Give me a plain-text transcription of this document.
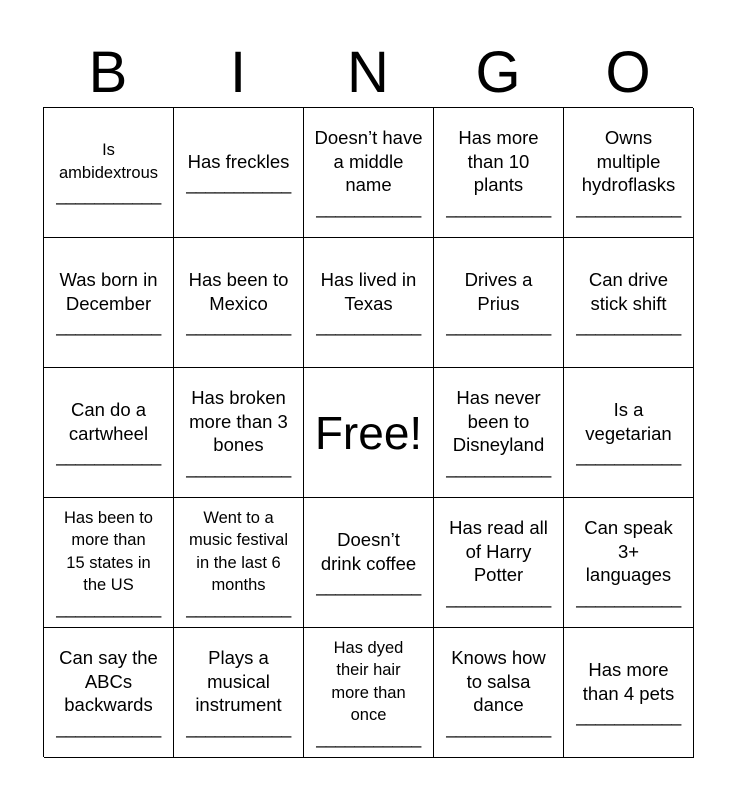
B	I	N	G	O
Is
ambidextrous
___________
Has freckles
___________
Doesn’t have
a middle
name
___________
Has more
than 10
plants
___________
Owns
multiple
hydroflasks
___________
Was born in
December
___________
Has been to
Mexico
___________
Has lived in
Texas
___________
Drives a
Prius
___________
Can drive
stick shift
___________
Can do a
cartwheel
___________
Has broken
more than 3
bones
___________
Free!
Has never
been to
Disneyland
___________
Is a
vegetarian
___________
Has been to
more than
15 states in
the US
___________
Went to a
music festival
in the last 6
months
___________
Doesn’t
drink coffee
___________
Has read all
of Harry
Potter
___________
Can speak
3+
languages
___________
Can say the
ABCs
backwards
___________
Plays a
musical
instrument
___________
Has dyed
their hair
more than
once
___________
Knows how
to salsa
dance
___________
Has more
than 4 pets
___________
